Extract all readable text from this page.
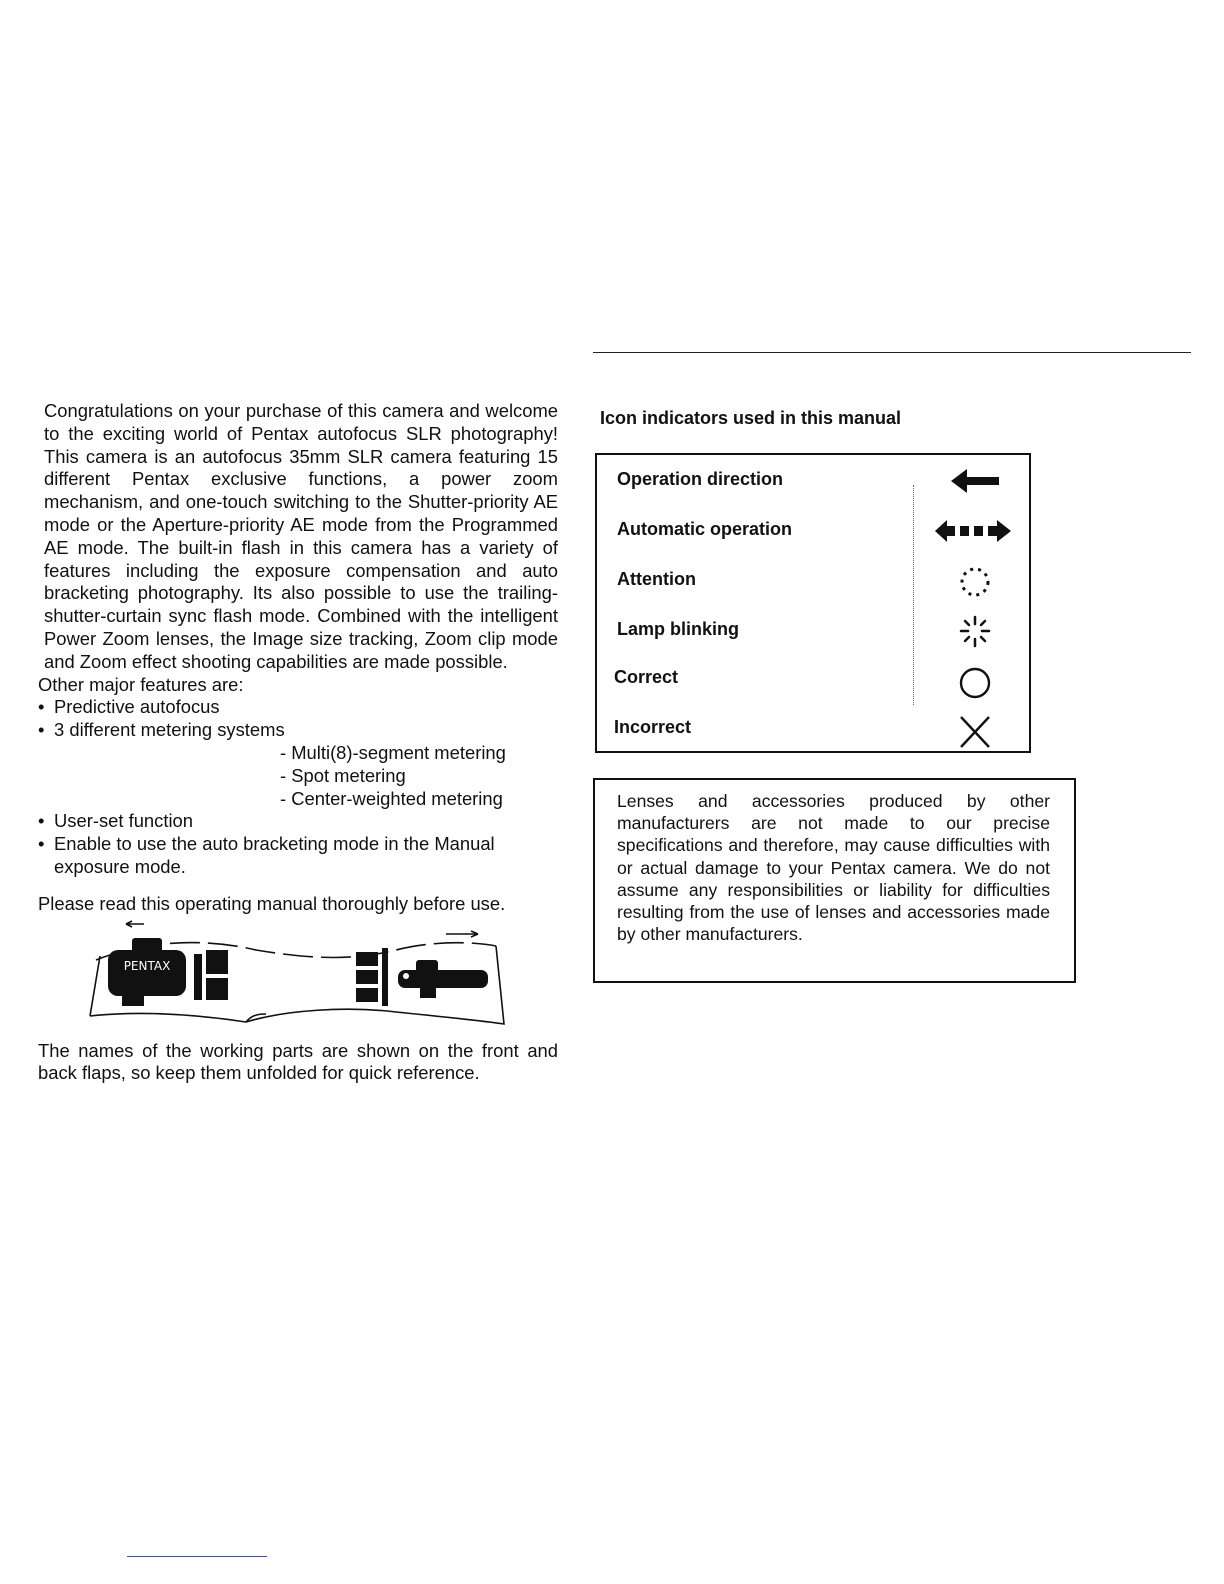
Congratulations on your purchase of this camera and welcome to the exciting world of Pentax autofocus SLR photography! This camera is an autofocus 35mm SLR camera featuring 15 different Pentax exclusive functions, a power zoom mechanism, and one-touch switching to the Shutter-priority AE mode or the Aperture-priority AE mode from the Programmed AE mode. The built-in flash in this camera has a variety of features including the exposure compensation and auto bracketing photography. Its also possible to use the trailing-shutter-curtain sync flash mode. Combined with the intelligent Power Zoom lenses, the Image size tracking, Zoom clip mode and Zoom effect shooting capabilities are made possible.

Other major features are:

• Predictive autofocus
• 3 different metering systems
- Multi(8)-segment metering
- Spot metering
- Center-weighted metering
• User-set function
• Enable to use the auto bracketing mode in the Manual exposure mode.

Please read this operating manual thoroughly before use.

PENTAX

The names of the working parts are shown on the front and back flaps, so keep them unfolded for quick reference.

Icon indicators used in this manual
Operation direction
Automatic operation
Attention
Lamp blinking
Correct
Incorrect

Lenses and accessories produced by other manufacturers are not made to our precise specifications and therefore, may cause difficulties with or actual damage to your Pentax camera. We do not assume any responsibilities or liability for difficulties resulting from the use of lenses and accessories made by other manufacturers.
